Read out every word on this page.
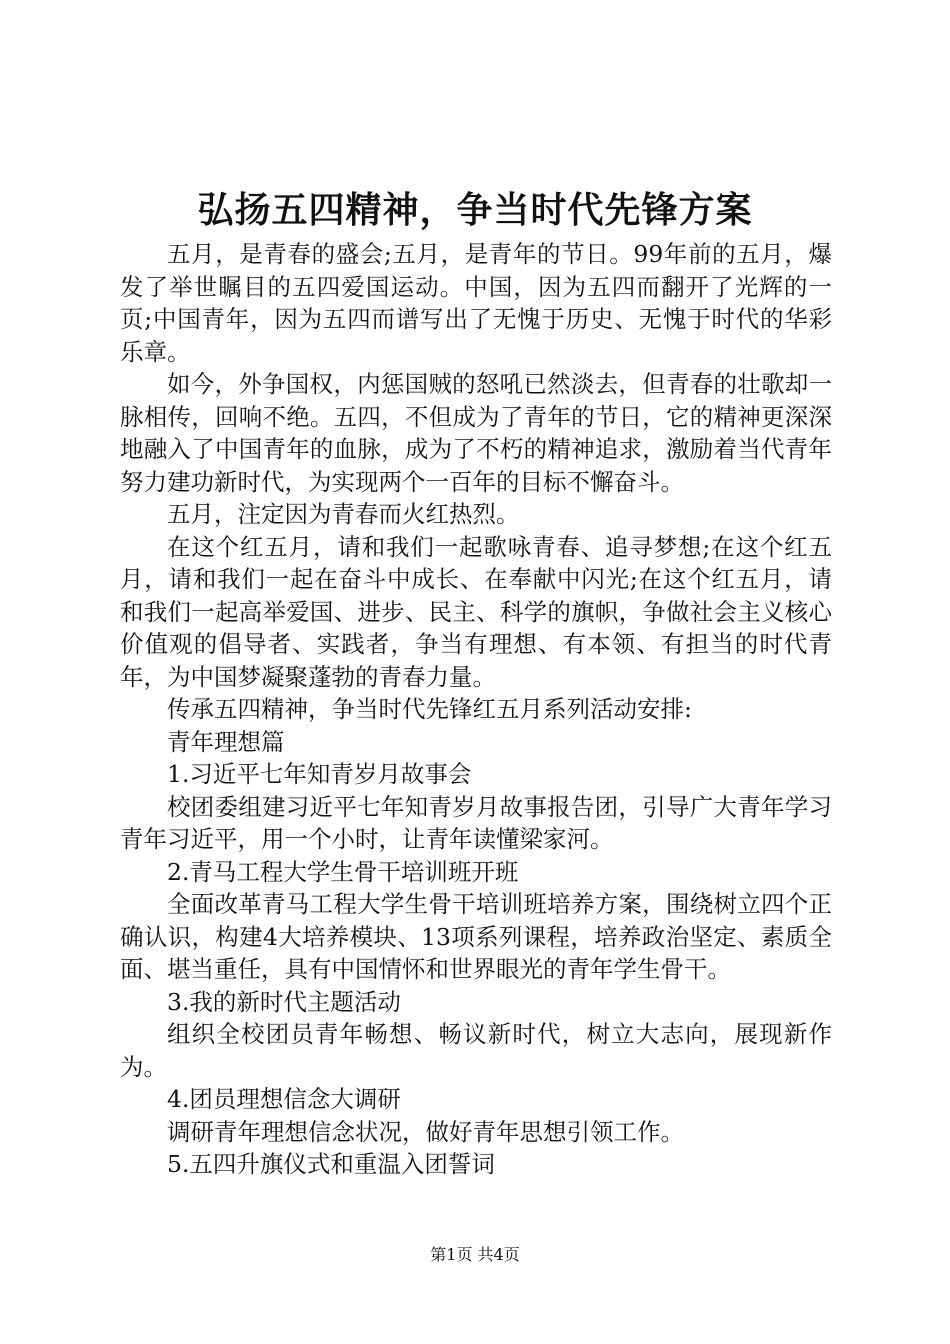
弘扬五四精神，争当时代先锋方案

五月，是青春的盛会;五月，是青年的节日。99年前的五月，爆发了举世瞩目的五四爱国运动。中国，因为五四而翻开了光辉的一页;中国青年，因为五四而谱写出了无愧于历史、无愧于时代的华彩乐章。

如今，外争国权，内惩国贼的怒吼已然淡去，但青春的壮歌却一脉相传，回响不绝。五四，不但成为了青年的节日，它的精神更深深地融入了中国青年的血脉，成为了不朽的精神追求，激励着当代青年努力建功新时代，为实现两个一百年的目标不懈奋斗。

五月，注定因为青春而火红热烈。

在这个红五月，请和我们一起歌咏青春、追寻梦想;在这个红五月，请和我们一起在奋斗中成长、在奉献中闪光;在这个红五月，请和我们一起高举爱国、进步、民主、科学的旗帜，争做社会主义核心价值观的倡导者、实践者，争当有理想、有本领、有担当的时代青年，为中国梦凝聚蓬勃的青春力量。

传承五四精神，争当时代先锋红五月系列活动安排:

青年理想篇

1.习近平七年知青岁月故事会

校团委组建习近平七年知青岁月故事报告团，引导广大青年学习青年习近平，用一个小时，让青年读懂梁家河。

2.青马工程大学生骨干培训班开班

全面改革青马工程大学生骨干培训班培养方案，围绕树立四个正确认识，构建4大培养模块、13项系列课程，培养政治坚定、素质全面、堪当重任，具有中国情怀和世界眼光的青年学生骨干。

3.我的新时代主题活动

组织全校团员青年畅想、畅议新时代，树立大志向，展现新作为。

4.团员理想信念大调研

调研青年理想信念状况，做好青年思想引领工作。

5.五四升旗仪式和重温入团誓词

第1页 共4页
